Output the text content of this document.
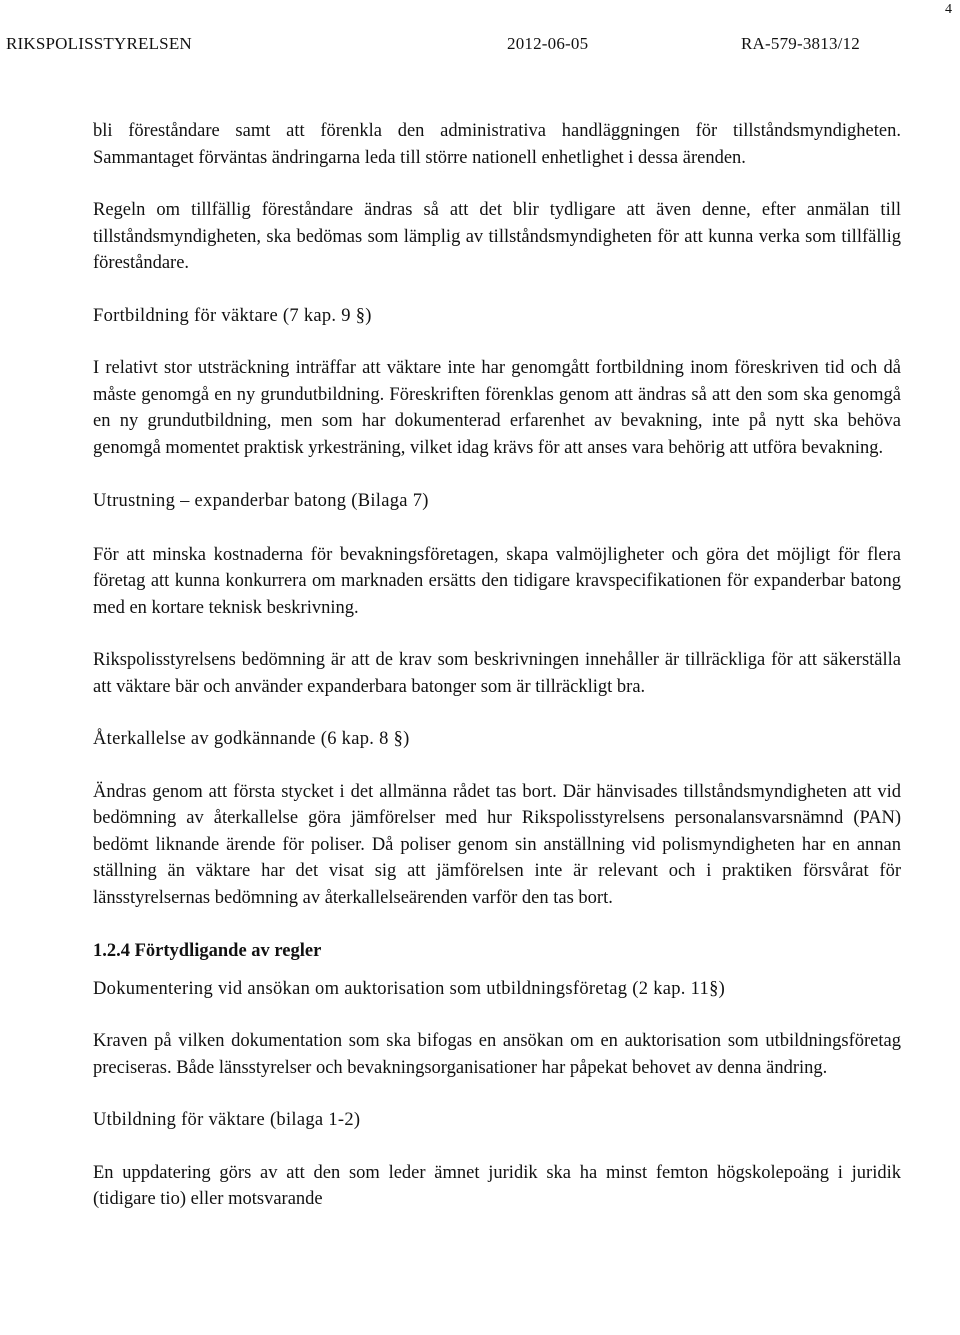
4
RIKSPOLISSTYRELSEN	2012-06-05	RA-579-3813/12

bli föreståndare samt att förenkla den administrativa handläggningen för tillståndsmyndigheten. Sammantaget förväntas ändringarna leda till större nationell enhetlighet i dessa ärenden.

Regeln om tillfällig föreståndare ändras så att det blir tydligare att även denne, efter anmälan till tillståndsmyndigheten, ska bedömas som lämplig av tillståndsmyndigheten för att kunna verka som tillfällig föreståndare.

Fortbildning för väktare (7 kap. 9 §)

I relativt stor utsträckning inträffar att väktare inte har genomgått fortbildning inom föreskriven tid och då måste genomgå en ny grundutbildning. Föreskriften förenklas genom att ändras så att den som ska genomgå en ny grundutbildning, men som har dokumenterad erfarenhet av bevakning, inte på nytt ska behöva genomgå momentet praktisk yrkesträning, vilket idag krävs för att anses vara behörig att utföra bevakning.

Utrustning – expanderbar batong (Bilaga 7)

För att minska kostnaderna för bevakningsföretagen, skapa valmöjligheter och göra det möjligt för flera företag att kunna konkurrera om marknaden ersätts den tidigare kravspecifikationen för expanderbar batong med en kortare teknisk beskrivning.

Rikspolisstyrelsens bedömning är att de krav som beskrivningen innehåller är tillräckliga för att säkerställa att väktare bär och använder expanderbara batonger som är tillräckligt bra.

Återkallelse av godkännande (6 kap. 8 §)

Ändras genom att första stycket i det allmänna rådet tas bort. Där hänvisades tillståndsmyndigheten att vid bedömning av återkallelse göra jämförelser med hur Rikspolisstyrelsens personalansvarsnämnd (PAN) bedömt liknande ärende för poliser. Då poliser genom sin anställning vid polismyndigheten har en annan ställning än väktare har det visat sig att jämförelsen inte är relevant och i praktiken försvårat för länsstyrelsernas bedömning av återkallelseärenden varför den tas bort.

1.2.4 Förtydligande av regler

Dokumentering vid ansökan om auktorisation som utbildningsföretag (2 kap. 11§)

Kraven på vilken dokumentation som ska bifogas en ansökan om en auktorisation som utbildningsföretag preciseras. Både länsstyrelser och bevakningsorganisationer har påpekat behovet av denna ändring.

Utbildning för väktare (bilaga 1-2)

En uppdatering görs av att den som leder ämnet juridik ska ha minst femton högskolepoäng i juridik (tidigare tio) eller motsvarande
